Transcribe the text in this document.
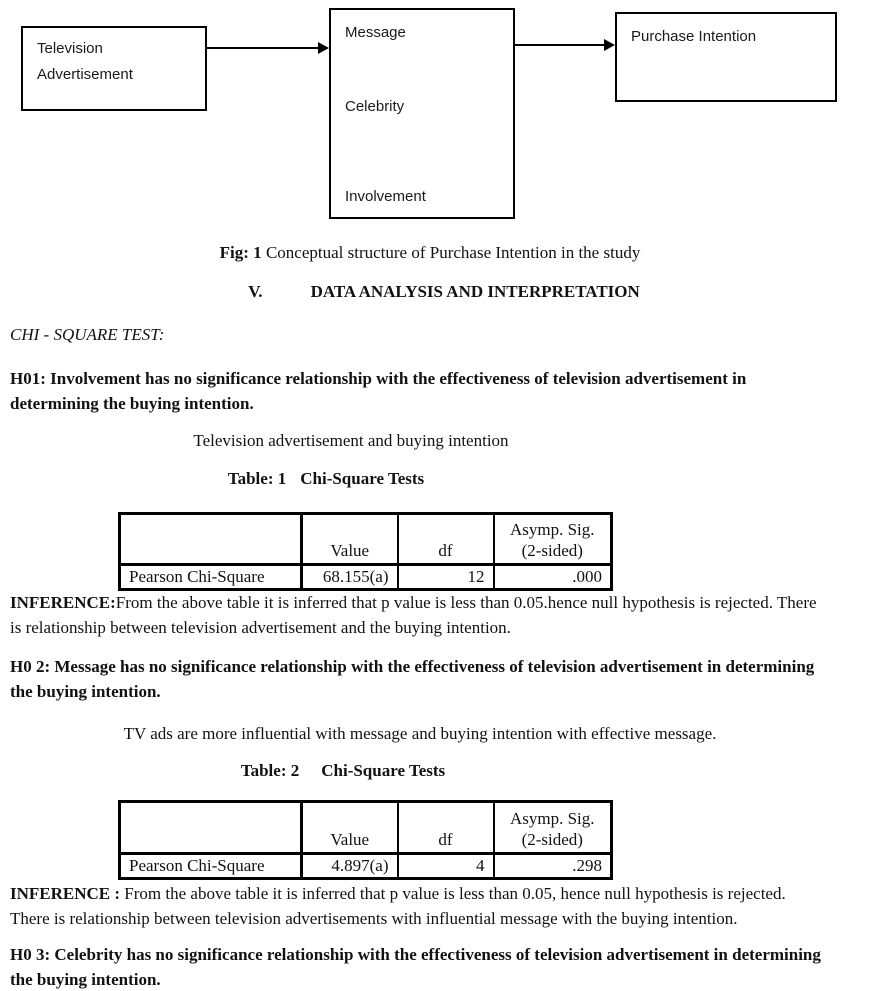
Television
Advertisement
Message
Celebrity
Involvement
Purchase Intention
Fig: 1 Conceptual structure of Purchase Intention in the study
V.	DATA ANALYSIS AND INTERPRETATION
CHI - SQUARE TEST:
H01: Involvement has no significance relationship with the effectiveness of television advertisement in
determining the buying intention.
Television advertisement and buying intention
Table: 1 Chi-Square Tests
	Value	df	Asymp. Sig. (2-sided)
Pearson Chi-Square	68.155(a)	12	.000
INFERENCE:From the above table it is inferred that p value is less than 0.05.hence null hypothesis is rejected. There
is relationship between television advertisement and the buying intention.
H0 2: Message has no significance relationship with the effectiveness of television advertisement in determining
the buying intention.
TV ads are more influential with message and buying intention with effective message.
Table: 2 Chi-Square Tests
	Value	df	Asymp. Sig. (2-sided)
Pearson Chi-Square	4.897(a)	4	.298
INFERENCE : From the above table it is inferred that p value is less than 0.05, hence null hypothesis is rejected.
There is relationship between television advertisements with influential message with the buying intention.
H0 3: Celebrity has no significance relationship with the effectiveness of television advertisement in determining
the buying intention.
